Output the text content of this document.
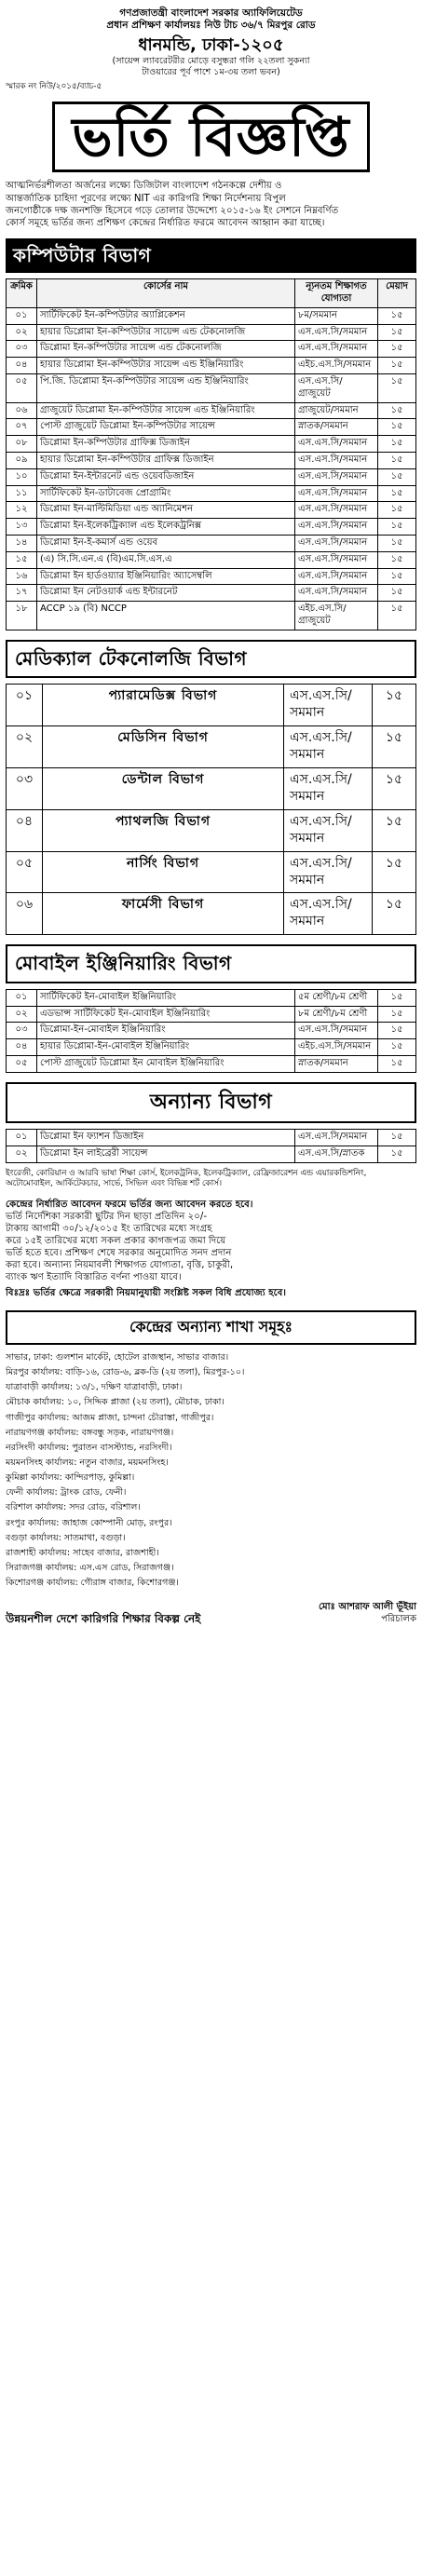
গণপ্রজাতন্ত্রী বাংলাদেশ সরকার অ্যাফিলিয়েটেড
প্রধান প্রশিক্ষণ কার্যালয়ঃ নিউ টাচ ৩৬/৭ মিরপুর রোড
ধানমন্ডি, ঢাকা-১২০৫
(সায়েন্স ল্যাবরেটরীর মোড়ে বসুন্ধরা গলি ২২তলা সুকন্যা
টাওয়ারের পূর্ব পাশে ১ম-৩য় তলা ভবন)
স্মারক নং নিউ/২০১৫/ব্যাচ-৫
ভর্তি বিজ্ঞপ্তি
আত্মনির্ভরশীলতা অর্জনের লক্ষ্যে ডিজিটাল বাংলাদেশ গঠনকল্পে দেশীয় ও
আন্তর্জাতিক চাহিদা পূরণের লক্ষ্যে NIT এর কারিগরি শিক্ষা নির্দেশনায় বিপুল
জনগোষ্ঠীকে দক্ষ জনশক্তি হিসেবে গড়ে তোলার উদ্দেশ্যে ২০১৫-১৬ ইং সেশনে নিম্নবর্ণিত
কোর্স সমূহে ভর্তির জন্য প্রশিক্ষণ কেন্দ্রের নির্ধারিত ফরমে আবেদন আহ্বান করা যাচ্ছে।
কম্পিউটার বিভাগ
ক্রমিক	কোর্সের নাম	ন্যূনতম শিক্ষাগত যোগ্যতা	মেয়াদ
০১	সার্টিফিকেট ইন-কম্পিউটার অ্যাপ্লিকেশন	৮ম/সমমান	১৫
০২	হায়ার ডিপ্লোমা ইন-কম্পিউটার সায়েন্স এন্ড টেকনোলজি	এস.এস.সি/সমমান	১৫
০৩	ডিপ্লোমা ইন-কম্পিউটার সায়েন্স এন্ড টেকনোলজি	এস.এস.সি/সমমান	১৫
০৪	হায়ার ডিপ্লোমা ইন-কম্পিউটার সায়েন্স এন্ড ইঞ্জিনিয়ারিং	এইচ.এস.সি/সমমান	১৫
০৫	পি.জি. ডিপ্লোমা ইন-কম্পিউটার সায়েন্স এন্ড ইঞ্জিনিয়ারিং	এস.এস.সি/গ্রাজুয়েট	১৫
০৬	গ্রাজুয়েট ডিপ্লোমা ইন-কম্পিউটার সায়েন্স এন্ড ইঞ্জিনিয়ারিং	গ্রাজুয়েট/সমমান	১৫
০৭	পোস্ট গ্রাজুয়েট ডিপ্লোমা ইন-কম্পিউটার সায়েন্স	স্নাতক/সমমান	১৫
০৮	ডিপ্লোমা ইন-কম্পিউটার গ্রাফিক্স ডিজাইন	এস.এস.সি/সমমান	১৫
০৯	হায়ার ডিপ্লোমা ইন-কম্পিউটার গ্রাফিক্স ডিজাইন	এস.এস.সি/সমমান	১৫
১০	ডিপ্লোমা ইন-ইন্টারনেট এন্ড ওয়েবডিজাইন	এস.এস.সি/সমমান	১৫
১১	সার্টিফিকেট ইন-ডাটাবেজ প্রোগ্রামিং	এস.এস.সি/সমমান	১৫
১২	ডিপ্লোমা ইন-মাল্টিমিডিয়া এন্ড অ্যানিমেশন	এস.এস.সি/সমমান	১৫
১৩	ডিপ্লোমা ইন-ইলেকট্রিক্যাল এন্ড ইলেকট্রনিক্স	এস.এস.সি/সমমান	১৫
১৪	ডিপ্লোমা ইন-ই-কমার্স এন্ড ওয়েব	এস.এস.সি/সমমান	১৫
১৫	(এ) সি.সি.এন.এ (বি)এম.সি.এস.এ	এস.এস.সি/সমমান	১৫
১৬	ডিপ্লোমা ইন হার্ডওয়্যার ইঞ্জিনিয়ারিং অ্যাসেম্বলি	এস.এস.সি/সমমান	১৫
১৭	ডিপ্লোমা ইন নেটওয়ার্ক এন্ড ইন্টারনেট	এস.এস.সি/সমমান	১৫
১৮	ACCP ১৯ (বি) NCCP	এইচ.এস.সি/গ্রাজুয়েট	১৫
মেডিক্যাল টেকনোলজি বিভাগ
০১	প্যারামেডিক্স বিভাগ	এস.এস.সি/সমমান	১৫
০২	মেডিসিন বিভাগ	এস.এস.সি/সমমান	১৫
০৩	ডেন্টাল বিভাগ	এস.এস.সি/সমমান	১৫
০৪	প্যাথলজি বিভাগ	এস.এস.সি/সমমান	১৫
০৫	নার্সিং বিভাগ	এস.এস.সি/সমমান	১৫
০৬	ফার্মেসী বিভাগ	এস.এস.সি/সমমান	১৫
মোবাইল ইঞ্জিনিয়ারিং বিভাগ
০১	সার্টিফিকেট ইন-মোবাইল ইঞ্জিনিয়ারিং	৫ম শ্রেণী/৮ম শ্রেণী	১৫
০২	এডভান্স সার্টিফিকেট ইন-মোবাইল ইঞ্জিনিয়ারিং	৮ম শ্রেণী/৮ম শ্রেণী	১৫
০৩	ডিপ্লোমা-ইন-মোবাইল ইঞ্জিনিয়ারিং	এস.এস.সি/সমমান	১৫
০৪	হায়ার ডিপ্লোমা-ইন-মোবাইল ইঞ্জিনিয়ারিং	এইচ.এস.সি/সমমান	১৫
০৫	পোস্ট গ্রাজুয়েট ডিপ্লোমা ইন মোবাইল ইঞ্জিনিয়ারিং	স্নাতক/সমমান	১৫
অন্যান্য বিভাগ
০১	ডিপ্লোমা ইন ফ্যাশন ডিজাইন	এস.এস.সি/সমমান	১৫
০২	ডিপ্লোমা ইন লাইব্রেরী সায়েন্স	এস.এস.সি/স্নাতক	১৫
ইংরেজী, কোরিয়ান ও আরবি ভাষা শিক্ষা কোর্স, ইলেকট্রনিক, ইলেকট্রিক্যাল, রেফ্রিজারেশন এন্ড এয়ারকন্ডিশনিং, অটোমোবাইল, আর্কিটেকচার, সার্ভে, সিভিল এবং বিভিন্ন শর্ট কোর্স।
কেন্দ্রের নির্ধারিত আবেদন ফরমে ভর্তির জন্য আবেদন করতে হবে।
ভর্তি নির্দেশিকা সরকারী ছুটির দিন ছাড়া প্রতিদিন ২০/-
টাকায় আগামী ৩০/১২/২০১৫ ইং তারিখের মধ্যে সংগ্রহ
করে ১৫ই তারিখের মধ্যে সকল প্রকার কাগজপত্র জমা দিয়ে
ভর্তি হতে হবে। প্রশিক্ষণ শেষে সরকার অনুমোদিত সনদ প্রদান
করা হবে। অন্যান্য নিয়মাবলী শিক্ষাগত যোগ্যতা, বৃত্তি, চাকুরী,
ব্যাংক ঋণ ইত্যাদি বিস্তারিত বর্ণনা পাওয়া যাবে।
বিঃদ্রঃ ভর্তির ক্ষেত্রে সরকারী নিয়মানুযায়ী সংশ্লিষ্ট সকল বিধি প্রযোজ্য হবে।
কেন্দ্রের অন্যান্য শাখা সমূহঃ
সাভার, ঢাকা: গুলশান মার্কেট, হোটেল রাজস্থান, সাভার বাজার।
মিরপুর কার্যালয়: বাড়ি-১৬, রোড-৬, ব্লক-ডি (২য় তলা), মিরপুর-১০।
যাত্রাবাড়ী কার্যালয়: ১৩/১, দক্ষিণ যাত্রাবাড়ী, ঢাকা।
মৌচাক কার্যালয়: ১০, সিদ্দিক প্লাজা (২য় তলা), মৌচাক, ঢাকা।
গাজীপুর কার্যালয়: আজম প্লাজা, চান্দনা চৌরাস্তা, গাজীপুর।
নারায়ণগঞ্জ কার্যালয়: বঙ্গবন্ধু সড়ক, নারায়ণগঞ্জ।
নরসিংদী কার্যালয়: পুরাতন বাসস্ট্যান্ড, নরসিংদী।
ময়মনসিংহ কার্যালয়: নতুন বাজার, ময়মনসিংহ।
কুমিল্লা কার্যালয়: কান্দিরপাড়, কুমিল্লা।
ফেনী কার্যালয়: ট্রাংক রোড, ফেনী।
বরিশাল কার্যালয়: সদর রোড, বরিশাল।
রংপুর কার্যালয়: জাহাজ কোম্পানী মোড়, রংপুর।
বগুড়া কার্যালয়: সাতমাথা, বগুড়া।
রাজশাহী কার্যালয়: সাহেব বাজার, রাজশাহী।
সিরাজগঞ্জ কার্যালয়: এস.এস রোড, সিরাজগঞ্জ।
কিশোরগঞ্জ কার্যালয়: গৌরাঙ্গ বাজার, কিশোরগঞ্জ।
উন্নয়নশীল দেশে কারিগরি শিক্ষার বিকল্প নেই
মোঃ আশরাফ আলী ভূঁইয়া
পরিচালক
